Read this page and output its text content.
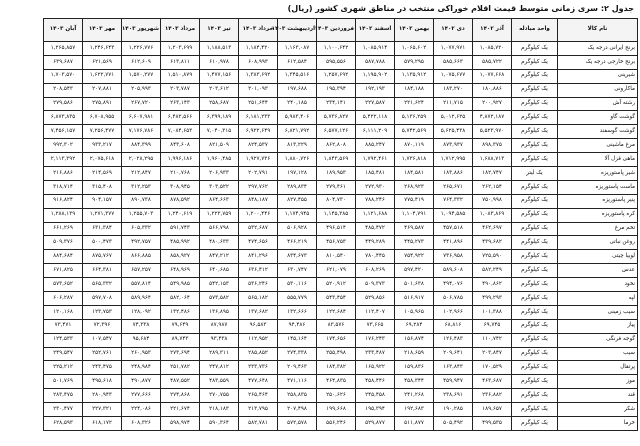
جدول ۲: سری زمانی متوسط قیمت اقلام خوراکی منتخب در مناطق شهری کشور (ریال)
نام کالا	واحد مبادله	آذر ۱۴۰۲	دی ۱۴۰۲	بهمن ۱۴۰۲	اسفند ۱۴۰۲	فروردین ۱۴۰۳	اردیبهشت ۱۴۰۳	خرداد ۱۴۰۳	تیر ۱۴۰۳	مرداد ۱۴۰۳	شهریور ۱۴۰۳	مهر ۱۴۰۳	آبان ۱۴۰۳
برنج ایرانی درجه یک	یک کیلوگرم	۱,۰۸۵,۷۲۰	۱,۰۷۷,۹۷۱	۱,۰۶۵,۶۰۲	۱,۰۸۵,۹۱۴	۱,۱۰۰,۶۴۲	۱,۱۶۳,۰۸۷	۱,۱۸۴,۴۲۰	۱,۱۸۸,۵۱۳	۱,۲۰۳,۶۹۹	۱,۲۲۶,۷۷۶	۱,۲۴۶,۶۴۳	۱,۲۶۵,۸۵۷
برنج خارجی درجه یک	یک کیلوگرم	۵۸۵,۷۲۲	۵۸۵,۶۶۳	۵۷۹,۲۹۵	۵۸۷,۷۸۸	۵۹۵,۵۵۶	۶۱۲,۵۸۴	۶۰۸,۹۹۳	۶۱۰,۹۷۸	۶۱۳,۸۱۱	۶۱۲,۶۰۹	۶۲۱,۵۶۹	۶۳۹,۶۸۷
شیرینی	یک کیلوگرم	۱,۰۷۷,۶۶۸	۱,۰۷۵,۶۷۷	۱,۱۳۵,۹۱۲	۱,۱۹۵,۹۰۲	۱,۲۵۷,۶۹۲	۱,۳۴۵,۵۱۶	۱,۳۸۳,۶۹۲	۱,۴۷۷,۱۵۶	۱,۵۱۰,۸۷۹	۱,۵۷۰,۲۷۷	۱,۶۲۲,۷۷۱	۱,۷۰۳,۵۷۰
ماکارونی	یک کیلوگرم	۱۸۰,۸۸۶	۱۸۳,۲۷۰	۱۸۴,۱۸۸	۱۹۲,۱۹۳	۱۹۵,۳۹۴	۱۹۷,۶۸۸	۲۰۱,۰۹۳	۲۰۳,۶۱۲	۲۰۳,۷۸۷	۲۰۵,۹۹۳	۲۰۷,۸۸۱	۲۰۸,۵۴۳
رشته آش	یک کیلوگرم	۲۰۰,۹۲۷	۲۱۱,۷۱۵	۲۲۱,۶۲۴	۲۲۷,۵۸۷	۲۳۴,۱۴۱	۲۴۰,۱۸۵	۲۵۱,۶۴۴	۲۵۸,۶۸۷	۲۶۳,۱۴۳	۲۶۷,۷۲۰	۲۷۵,۸۹۱	۲۷۹,۵۸۶
گوشت گاو	یک کیلوگرم	۴,۸۷۲,۱۸۷	۵,۰۱۲,۶۲۵	۵,۱۳۶,۲۵۹	۵,۴۲۲,۱۱۸	۵,۷۳۶,۸۲۷	۵,۹۸۳,۴۰۶	۶,۱۸۱,۲۳۳	۶,۳۹۹,۱۸۹	۶,۴۸۲,۵۶۶	۶,۶۰۷,۹۸۱	۶,۷۰۸,۹۵۵	۶,۸۷۳,۸۳۵
گوشت گوسفند	یک کیلوگرم	۵,۵۲۳,۹۷۰	۵,۶۲۵,۴۳۸	۵,۷۴۲,۵۶۹	۶,۱۱۱,۲۰۹	۶,۵۷۷,۱۲۶	۶,۸۲۱,۷۹۲	۶,۹۲۲,۶۴۹	۷,۰۴۰,۳۱۵	۷,۰۸۴,۶۵۳	۷,۱۷۶,۷۸۶	۷,۲۵۶,۴۷۷	۷,۴۵۶,۱۵۷
مرغ ماشینی	یک کیلوگرم	۸۹۸,۳۷۵	۸۷۳,۹۳۷	۸۷۰,۱۱۹	۸۸۵,۲۴۷	۸۶۲,۸۰۸	۸۱۳,۲۲۹	۸۲۴,۵۳۷	۸۲۱,۵۰۹	۸۴۳,۶۰۸	۸۸۴,۳۹۹	۹۳۳,۲۱۷	۹۹۲,۳۰۲
ماهی قزل آلا	یک کیلوگرم	۱,۶۸۸,۷۱۳	۱,۷۱۲,۹۹۵	۱,۷۳۶,۸۱۸	۱,۷۹۲,۴۶۱	۱,۸۴۳,۵۶۹	۱,۸۸۰,۷۲۶	۱,۹۲۷,۷۳۶	۱,۹۶۰,۴۸۵	۱,۹۹۶,۱۸۶	۲,۰۲۸,۲۹۵	۲,۰۷۵,۶۱۸	۲,۱۱۳,۳۹۲
شیر پاستوریزه	یک لیتر	۱۸۲,۷۴۷	۱۸۳,۸۸۶	۱۸۴,۵۸۱	۱۸۵,۴۸۱	۱۸۹,۹۵۳	۱۹۷,۱۲۸	۲۰۲,۷۹۱	۲۰۶,۹۳۳	۲۱۰,۷۶۸	۲۱۲,۸۴۷	۲۱۴,۵۶۹	۲۱۶,۸۸۶
ماست پاستوریزه	یک کیلوگرم	۲۶۲,۱۵۴	۲۶۵,۶۷۱	۲۶۸,۹۲۳	۲۷۲,۹۳۰	۲۷۹,۴۶۱	۲۸۹,۸۳۴	۲۹۷,۷۶۲	۳۰۳,۵۲۲	۳۰۸,۹۴۵	۳۱۲,۲۵۳	۳۱۵,۴۰۸	۳۱۸,۷۱۴
پنیر پاستوریزه	یک کیلوگرم	۷۵۰,۹۹۸	۷۶۴,۳۳۲	۷۷۵,۴۱۹	۷۸۸,۲۴۶	۸۰۴,۷۳۰	۸۲۷,۴۵۵	۸۴۸,۱۸۷	۸۶۴,۶۶۳	۸۷۸,۵۹۲	۸۹۰,۷۳۸	۹۰۴,۱۵۷	۹۱۶,۸۲۴
کره پاستوریزه	یک کیلوگرم	۱,۰۸۳,۸۶۹	۱,۰۹۴,۵۸۵	۱,۱۰۴,۷۹۱	۱,۱۲۱,۶۸۸	۱,۱۴۵,۳۸۵	۱,۱۷۴,۹۴۵	۱,۲۰۰,۴۴۶	۱,۲۲۲,۷۵۹	۱,۲۴۰,۶۱۹	۱,۲۵۵,۷۰۳	۱,۲۷۱,۳۷۷	۱,۲۸۸,۱۳۹
تخم مرغ	یک کیلوگرم	۴۶۲,۶۹۷	۴۵۷,۵۱۸	۴۶۹,۵۸۷	۴۸۵,۴۷۲	۴۹۶,۵۱۴	۵۰۶,۹۲۸	۵۳۲,۶۸۷	۵۶۶,۷۹۸	۵۹۱,۷۴۳	۶۰۵,۳۳۲	۶۳۱,۳۸۴	۶۶۱,۲۶۹
روغن نباتی	یک کیلوگرم	۴۳۹,۶۸۲	۴۴۱,۸۹۶	۴۴۵,۲۷۳	۴۴۹,۲۸۹	۴۵۶,۷۵۳	۴۶۶,۲۱۹	۴۷۴,۶۵۶	۴۸۰,۶۳۳	۴۸۵,۹۹۲	۴۹۲,۷۵۷	۵۰۰,۴۷۳	۵۰۹,۳۷۶
لوبیا چیتی	یک کیلوگرم	۷۲۵,۵۹۰	۷۳۶,۹۵۸	۷۵۴,۹۲۲	۷۸۰,۴۴۵	۸۱۰,۵۴۰	۸۳۴,۶۷۳	۸۴۱,۲۹۶	۸۴۷,۲۱۲	۸۵۸,۹۲۷	۸۶۶,۸۸۵	۸۷۵,۷۶۷	۸۸۴,۶۸۴
عدس	یک کیلوگرم	۵۸۲,۲۴۹	۵۸۹,۶۰۸	۵۹۷,۴۲۰	۶۰۸,۲۶۹	۶۲۱,۰۷۹	۶۳۰,۷۴۷	۶۳۶,۴۱۲	۶۴۰,۶۸۵	۶۴۸,۹۶۹	۶۵۷,۲۵۷	۶۶۴,۳۸۱	۶۷۱,۸۲۵
نخود	یک کیلوگرم	۴۹۰,۸۶۲	۴۹۴,۰۷۶	۵۰۱,۶۳۸	۵۰۹,۳۷۳	۵۲۰,۹۱۲	۵۳۰,۱۱۶	۵۳۶,۲۴۶	۵۴۲,۱۵۳	۵۴۹,۹۸۵	۵۵۷,۸۱۴	۵۶۵,۳۳۲	۵۷۳,۶۵۲
لپه	یک کیلوگرم	۴۹۹,۲۹۳	۵۰۶,۷۸۵	۵۱۶,۹۱۷	۵۲۹,۸۵۶	۵۴۳,۴۵۴	۵۵۵,۷۷۹	۵۶۵,۱۸۲	۵۷۳,۵۸۲	۵۸۲,۰۶۴	۵۸۹,۹۶۴	۵۹۷,۷۰۸	۶۰۶,۲۸۷
سیب زمینی	یک کیلوگرم	۱۰۱,۳۸۸	۱۰۲,۹۶۶	۱۰۵,۹۶۵	۱۱۲,۴۰۷	۱۲۲,۶۸۴	۱۳۲,۶۶۶	۱۳۷,۶۸۲	۱۳۶,۸۹۵	۱۳۲,۴۸۶	۱۲۸,۰۹۲	۱۲۳,۷۵۳	۱۲۰,۱۶۸
پیاز	یک کیلوگرم	۶۹,۷۴۵	۶۸,۸۱۶	۶۹,۲۸۴	۷۳,۶۶۵	۸۳,۵۷۶	۹۴,۴۸۶	۹۶,۵۸۳	۸۷,۹۸۷	۷۹,۶۴۹	۷۴,۳۳۸	۷۲,۳۹۶	۷۳,۴۷۱
گوجه فرنگی	یک کیلوگرم	۱۱۰,۷۴۲	۱۲۶,۴۸۳	۱۵۶,۸۷۴	۱۷۶,۲۴۳	۱۷۴,۶۵۶	۱۴۵,۱۶۴	۱۱۲,۹۵۲	۹۳,۴۳۸	۸۹,۷۴۳	۹۵,۶۸۴	۱۰۷,۵۴۷	۱۲۴,۵۳۳
سیب	یک کیلوگرم	۲۰۳,۸۴۷	۲۰۹,۶۴۱	۲۱۸,۶۵۹	۲۳۳,۴۸۷	۲۵۵,۴۹۸	۲۷۴,۳۳۸	۲۸۵,۸۵۲	۲۸۹,۳۱۱	۲۷۳,۶۹۴	۲۶۰,۹۵۳	۲۵۲,۷۶۱	۲۴۹,۵۴۷
پرتقال	یک کیلوگرم	۱۷۰,۵۲۹	۱۶۳,۸۴۳	۱۵۹,۸۳۶	۱۶۵,۹۲۲	۱۸۴,۳۸۲	۲۰۹,۴۶۳	۲۳۳,۷۳۶	۲۴۷,۸۱۲	۲۵۱,۷۸۲	۲۴۸,۹۸۴	۲۴۳,۴۷۵	۲۲۵,۲۱۲
موز	یک کیلوگرم	۴۶۳,۶۸۷	۴۵۹,۹۴۷	۴۵۸,۳۴۴	۴۵۸,۴۴۶	۴۶۴,۸۳۵	۴۷۱,۱۱۶	۴۷۷,۶۴۸	۴۸۳,۵۵۹	۴۸۷,۵۵۲	۴۹۰,۸۷۷	۴۹۵,۶۱۸	۵۰۱,۷۶۹
قند	یک کیلوگرم	۲۳۶,۸۸۲	۲۳۸,۶۹۱	۲۴۱,۲۶۸	۲۴۵,۴۵۸	۲۵۰,۶۲۶	۲۵۸,۸۳۵	۲۶۵,۴۶۴	۲۷۰,۷۵۵	۲۷۴,۸۶۸	۲۷۷,۶۶۶	۲۸۰,۹۴۳	۲۸۳,۴۷۵
شکر	یک کیلوگرم	۱۸۹,۶۵۷	۱۹۰,۲۸۵	۱۹۲,۶۸۳	۱۹۵,۳۹۴	۱۹۹,۶۶۸	۲۰۷,۴۹۸	۲۱۳,۷۹۵	۲۱۸,۱۸۳	۲۲۱,۶۷۴	۲۲۴,۰۸۶	۲۲۷,۳۲۱	۲۳۰,۴۷۷
خرما	یک کیلوگرم	۴۹۹,۵۳۵	۵۰۵,۴۹۲	۵۱۱,۸۷۷	۵۲۹,۸۷۷	۵۵۶,۲۴۶	۵۷۲,۵۷۸	۵۸۲,۷۸۱	۵۹۰,۳۶۴	۵۹۸,۹۷۴	۶۰۸,۳۲۶	۶۱۸,۱۷۲	۶۲۸,۵۹۳
